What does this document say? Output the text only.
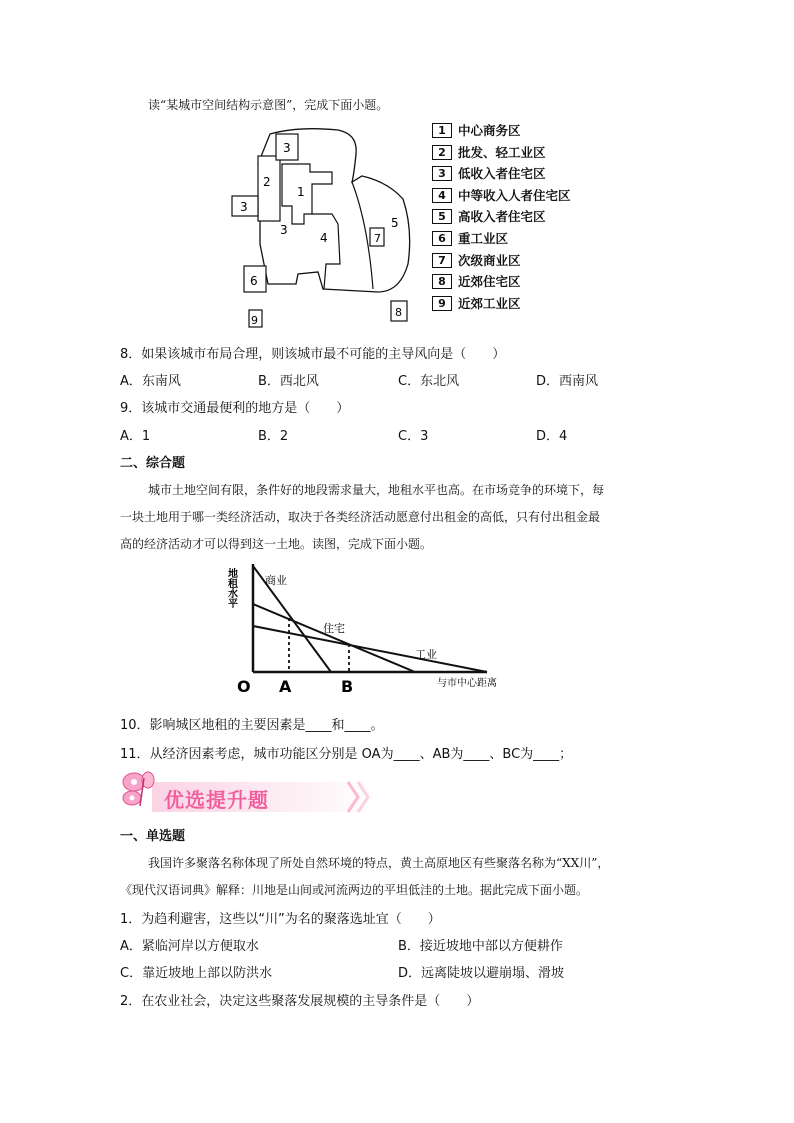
读“某城市空间结构示意图”，完成下面小题。
1
2
3
3
3
4
5
6
7
8
9
1 中心商务区
2 批发、轻工业区
3 低收入者住宅区
4 中等收入人者住宅区
5 高收入者住宅区
6 重工业区
7 次级商业区
8 近郊住宅区
9 近郊工业区
8．如果该城市布局合理，则该城市最不可能的主导风向是（　　）
A．东南风	B．西北风	C．东北风	D．西南风
9．该城市交通最便利的地方是（　　）
A．1	B．2	C．3	D．4
二、综合题
城市土地空间有限，条件好的地段需求量大，地租水平也高。在市场竞争的环境下，每
一块土地用于哪一类经济活动，取决于各类经济活动愿意付出租金的高低，只有付出租金最
高的经济活动才可以得到这一土地。读图，完成下面小题。
地租水平	商业
住宅
工业
O A	B	与市中心距离
10．影响城区地租的主要因素是____和____。
11．从经济因素考虑，城市功能区分别是 OA为____、AB为____、BC为____；
优选提升题
一、单选题
我国许多聚落名称体现了所处自然环境的特点，黄土高原地区有些聚落名称为“XX川”，
《现代汉语词典》解释：川地是山间或河流两边的平坦低洼的土地。据此完成下面小题。
1．为趋利避害，这些以“川”为名的聚落选址宜（　　）
A．紧临河岸以方便取水	B．接近坡地中部以方便耕作
C．靠近坡地上部以防洪水	D．远离陡坡以避崩塌、滑坡
2．在农业社会，决定这些聚落发展规模的主导条件是（　　）
